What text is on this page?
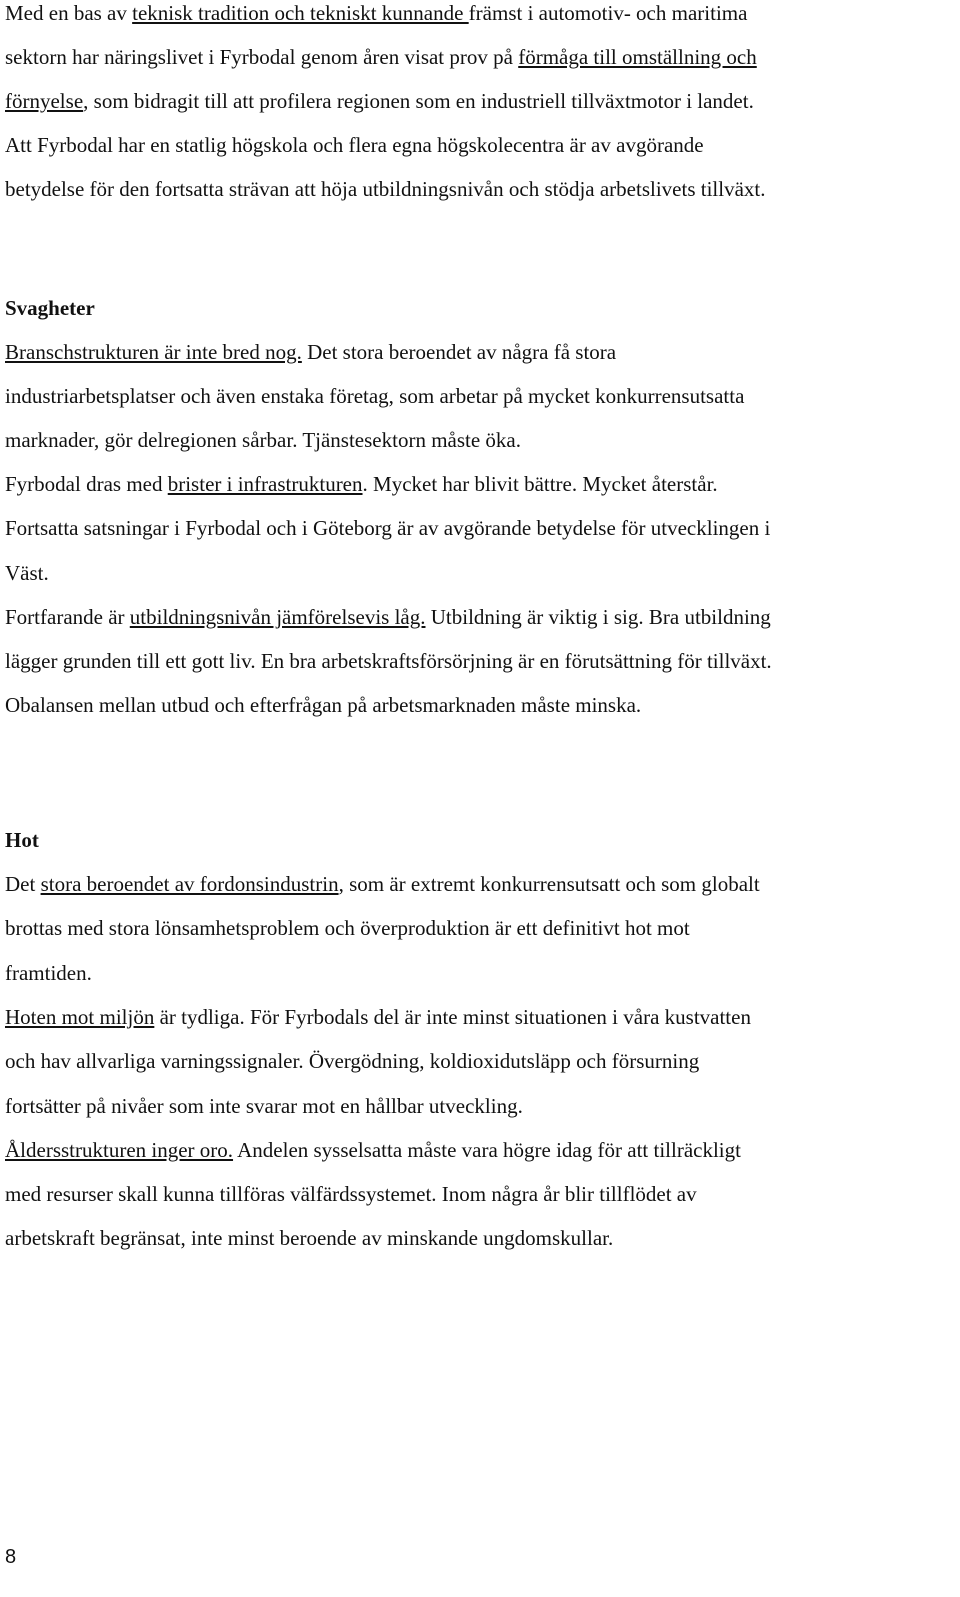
Med en bas av teknisk tradition och tekniskt kunnande främst i automotiv- och maritima
sektorn har näringslivet i Fyrbodal genom åren visat prov på förmåga till omställning och
förnyelse, som bidragit till att profilera regionen som en industriell tillväxtmotor i landet.
Att Fyrbodal har en statlig högskola och flera egna högskolecentra är av avgörande
betydelse för den fortsatta strävan att höja utbildningsnivån och stödja arbetslivets tillväxt.
Svagheter
Branschstrukturen är inte bred nog. Det stora beroendet av några få stora
industriarbetsplatser och även enstaka företag, som arbetar på mycket konkurrensutsatta
marknader, gör delregionen sårbar. Tjänstesektorn måste öka.
Fyrbodal dras med brister i infrastrukturen. Mycket har blivit bättre. Mycket återstår.
Fortsatta satsningar i Fyrbodal och i Göteborg är av avgörande betydelse för utvecklingen i
Väst.
Fortfarande är utbildningsnivån jämförelsevis låg. Utbildning är viktig i sig. Bra utbildning
lägger grunden till ett gott liv. En bra arbetskraftsförsörjning är en förutsättning för tillväxt.
Obalansen mellan utbud och efterfrågan på arbetsmarknaden måste minska.
Hot
Det stora beroendet av fordonsindustrin, som är extremt konkurrensutsatt och som globalt
brottas med stora lönsamhetsproblem och överproduktion är ett definitivt hot mot
framtiden.
Hoten mot miljön är tydliga. För Fyrbodals del är inte minst situationen i våra kustvatten
och hav allvarliga varningssignaler. Övergödning, koldioxidutsläpp och försurning
fortsätter på nivåer som inte svarar mot en hållbar utveckling.
Åldersstrukturen inger oro. Andelen sysselsatta måste vara högre idag för att tillräckligt
med resurser skall kunna tillföras välfärdssystemet. Inom några år blir tillflödet av
arbetskraft begränsat, inte minst beroende av minskande ungdomskullar.
8
